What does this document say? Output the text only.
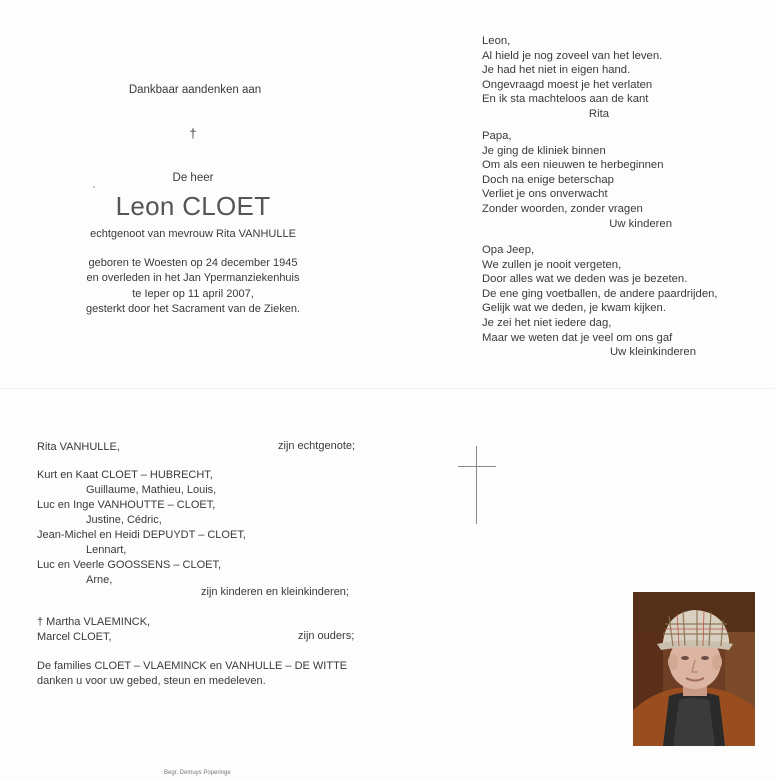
Dankbaar aandenken aan
†
De heer
Leon CLOET
echtgenoot van mevrouw Rita VANHULLE
geboren te Woesten op 24 december 1945
en overleden in het Jan Ypermanziekenhuis
te Ieper op 11 april 2007,
gesterkt door het Sacrament van de Zieken.
Leon,
Al hield je nog zoveel van het leven.
Je had het niet in eigen hand.
Ongevraagd moest je het verlaten
En ik sta machteloos aan de kant
Rita
Papa,
Je ging de kliniek binnen
Om als een nieuwen te herbeginnen
Doch na enige beterschap
Verliet je ons onverwacht
Zonder woorden, zonder vragen
Uw kinderen
Opa Jeep,
We zullen je nooit vergeten,
Door alles wat we deden was je bezeten.
De ene ging voetballen, de andere paardrijden,
Gelijk wat we deden, je kwam kijken.
Je zei het niet iedere dag,
Maar we weten dat je veel om ons gaf
Uw kleinkinderen
Rita VANHULLE,	zijn echtgenote;
Kurt en Kaat CLOET – HUBRECHT,
Guillaume, Mathieu, Louis,
Luc en Inge VANHOUTTE – CLOET,
Justine, Cédric,
Jean-Michel en Heidi DEPUYDT – CLOET,
Lennart,
Luc en Veerle GOOSSENS – CLOET,
Arne,
zijn kinderen en kleinkinderen;
† Martha VLAEMINCK,
Marcel CLOET,	zijn ouders;
De families CLOET – VLAEMINCK en VANHULLE – DE WITTE
danken u voor uw gebed, steun en medeleven.
Begr. Demuys Poperinge
